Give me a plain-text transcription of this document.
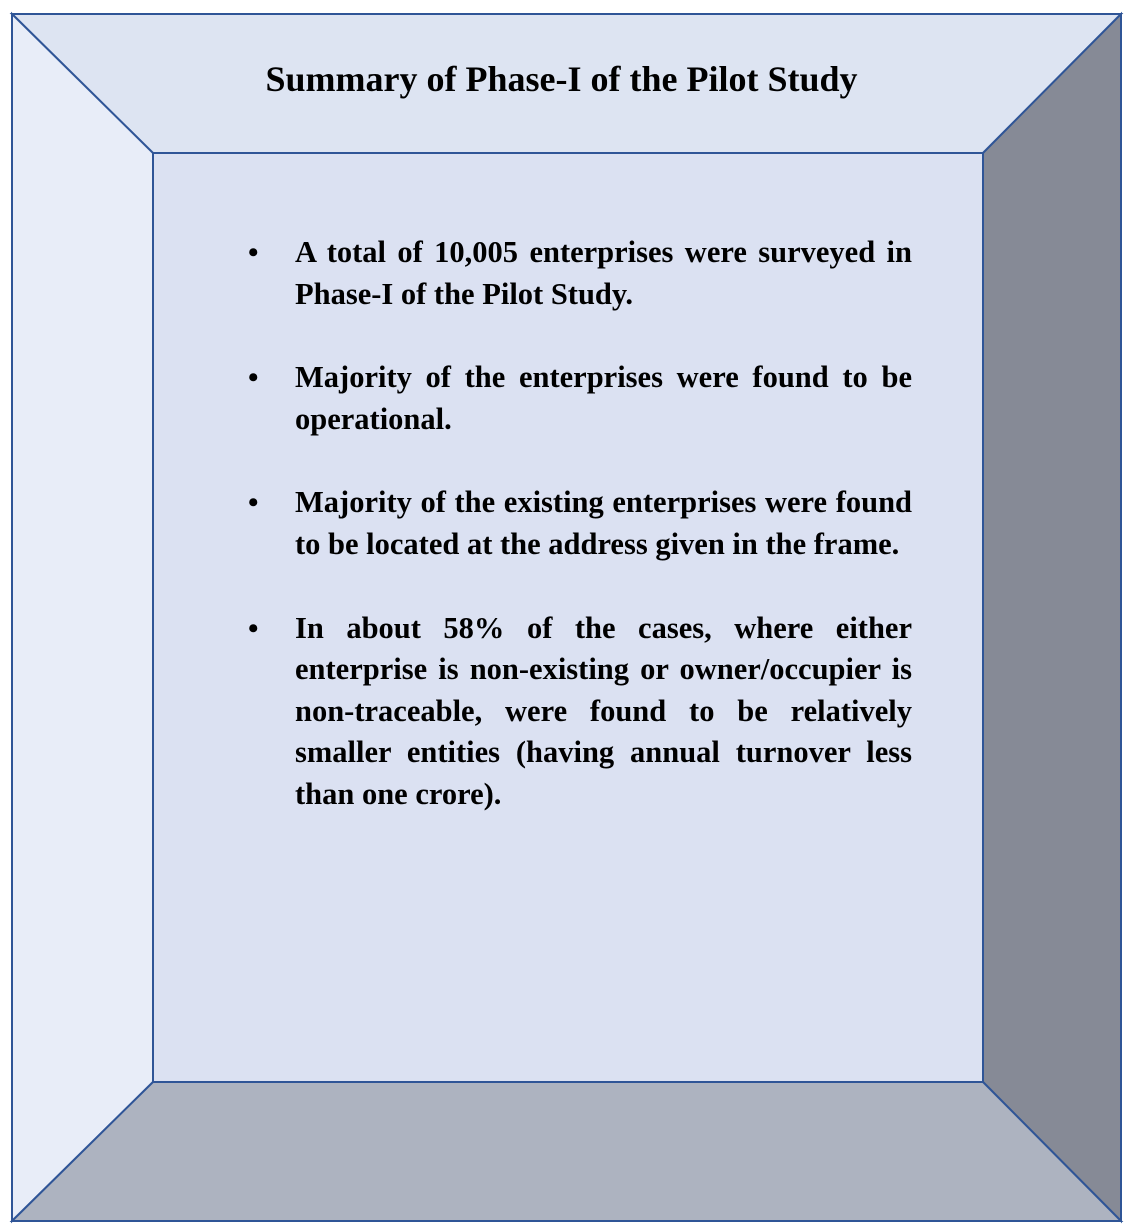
Summary of Phase-I of the Pilot Study
• A total of 10,005 enterprises were surveyed in Phase-I of the Pilot Study.
• Majority of the enterprises were found to be operational.
• Majority of the existing enterprises were found to be located at the address given in the frame.
• In about 58% of the cases, where either enterprise is non-existing or owner/occupier is non-traceable, were found to be relatively smaller entities (having annual turnover less than one crore).
